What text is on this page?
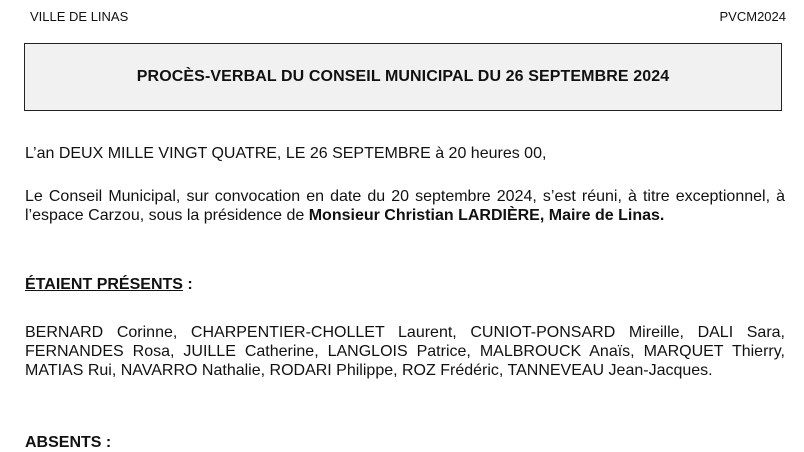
VILLE DE LINAS	PVCM2024
PROCÈS-VERBAL DU CONSEIL MUNICIPAL DU 26 SEPTEMBRE 2024
L’an DEUX MILLE VINGT QUATRE, LE 26 SEPTEMBRE à 20 heures 00,
Le Conseil Municipal, sur convocation en date du 20 septembre 2024, s’est réuni, à titre exceptionnel, à l’espace Carzou, sous la présidence de Monsieur Christian LARDIÈRE, Maire de Linas.
ÉTAIENT PRÉSENTS :
BERNARD Corinne, CHARPENTIER-CHOLLET Laurent, CUNIOT-PONSARD Mireille, DALI Sara, FERNANDES Rosa, JUILLE Catherine, LANGLOIS Patrice, MALBROUCK Anaïs, MARQUET Thierry, MATIAS Rui, NAVARRO Nathalie, RODARI Philippe, ROZ Frédéric, TANNEVEAU Jean-Jacques.
ABSENTS :
